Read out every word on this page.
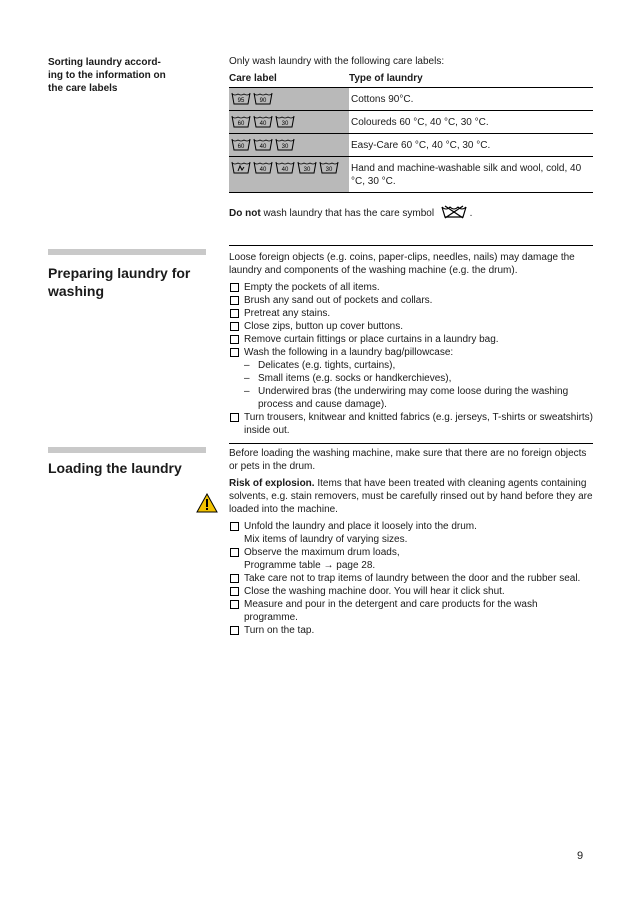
Sorting laundry accord-
ing to the information on
the care labels
Only wash laundry with the following care labels:
Care label	Type of laundry

95 90	Cottons 90°C.

60 40 30	Coloureds 60 °C, 40 °C, 30 °C.

60 40 30	Easy-Care 60 °C, 40 °C, 30 °C.

40 40 30 30	Hand and machine-washable silk and wool, cold, 40 °C, 30 °C.
Do not wash laundry that has the care symbol	.
Preparing laundry for washing
Loose foreign objects (e.g. coins, paper-clips, needles, nails) may damage the laundry and components of the washing machine (e.g. the drum).
Empty the pockets of all items.
Brush any sand out of pockets and collars.
Pretreat any stains.
Close zips, button up cover buttons.
Remove curtain fittings or place curtains in a laundry bag.
Wash the following in a laundry bag/pillowcase:
– Delicates (e.g. tights, curtains),
– Small items (e.g. socks or handkerchieves),
– Underwired bras (the underwiring may come loose during the washing process and cause damage).
Turn trousers, knitwear and knitted fabrics (e.g. jerseys, T-shirts or sweatshirts) inside out.
Loading the laundry
Before loading the washing machine, make sure that there are no foreign objects or pets in the drum.
Risk of explosion. Items that have been treated with cleaning agents containing solvents, e.g. stain removers, must be carefully rinsed out by hand before they are loaded into the machine.
Unfold the laundry and place it loosely into the drum.
Mix items of laundry of varying sizes.
Observe the maximum drum loads,
Programme table → page 28.
Take care not to trap items of laundry between the door and the rubber seal.
Close the washing machine door. You will hear it click shut.
Measure and pour in the detergent and care products for the wash programme.
Turn on the tap.
9
